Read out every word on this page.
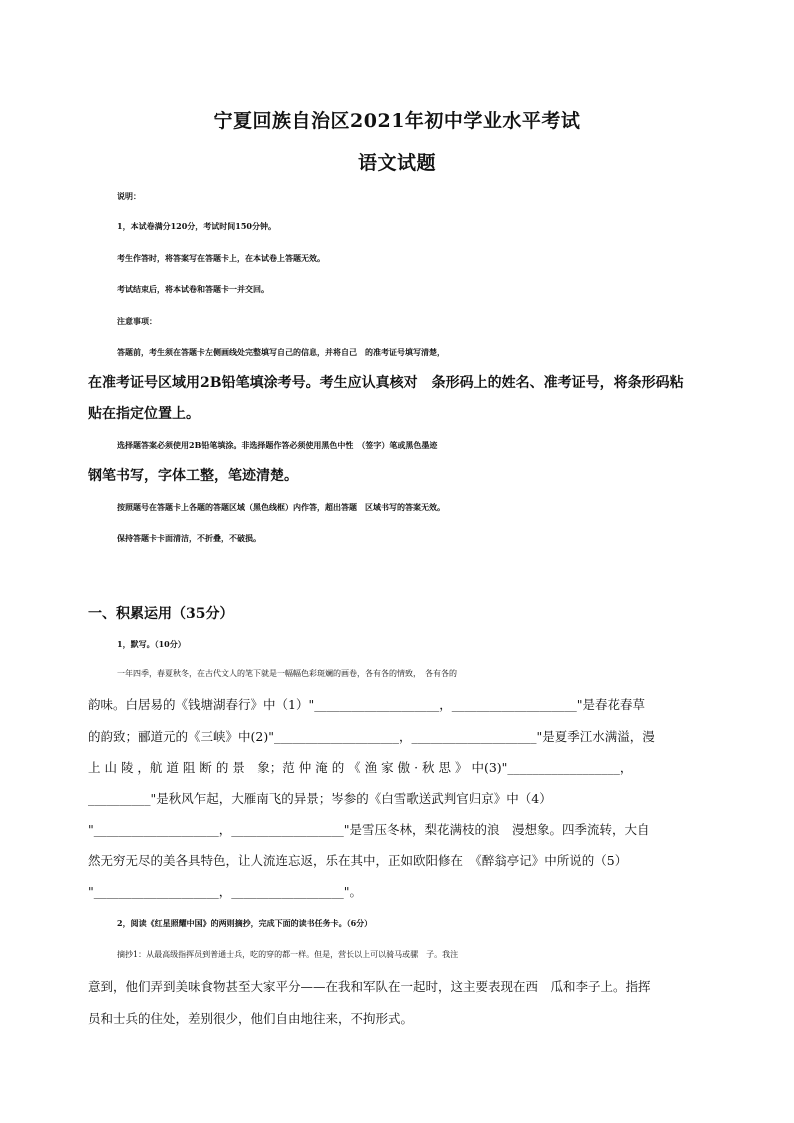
宁夏回族自治区2021年初中学业水平考试
语文试题
说明：
1，本试卷满分120分，考试时间150分钟。
考生作答时，将答案写在答题卡上，在本试卷上答题无效。
考试结束后，将本试卷和答题卡一并交回。
注意事项：
答题前，考生须在答题卡左侧画线处完整填写自己的信息，并将自己　的准考证号填写清楚，
在准考证号区域用2B铅笔填涂考号。考生应认真核对　条形码上的姓名、准考证号，将条形码粘
贴在指定位置上。
选择题答案必须使用2B铅笔填涂。非选择题作答必须使用黑色中性　（签字）笔或黑色墨迹
钢笔书写，字体工整，笔迹清楚。
按照题号在答题卡上各题的答题区域（黑色线框）内作答，超出答题　区域书写的答案无效。
保持答题卡卡面清洁，不折叠，不破损。
一、积累运用（35分）
1，默写。（10分）
一年四季，春夏秋冬，在古代文人的笔下就是一幅幅色彩斑斓的画卷，各有各的情致，　各有各的
韵味。白居易的《钱塘湖春行》中（1）"____________________，____________________"是春花春草
的韵致；郦道元的《三峡》中(2)"____________________，____________________"是夏季江水满溢，漫
上 山 陵 ，航 道 阻 断 的 景　象；范 仲 淹 的 《 渔 家 傲 · 秋 思 》 中(3)"__________________，
__________"是秋风乍起，大雁南飞的异景；岑参的《白雪歌送武判官归京》中（4）
"____________________，__________________"是雪压冬林，梨花满枝的浪　漫想象。四季流转，大自
然无穷无尽的美各具特色，让人流连忘返，乐在其中，正如欧阳修在　《醉翁亭记》中所说的（5）
"____________________，__________________"。
2，阅读《红星照耀中国》的两则摘抄，完成下面的读书任务卡。（6分）
摘抄1：从最高级指挥员到普通士兵，吃的穿的都一样。但是，营长以上可以骑马或骡　子。我注
意到，他们弄到美味食物甚至大家平分——在我和军队在一起时，这主要表现在西　瓜和李子上。指挥
员和士兵的住处，差别很少，他们自由地往来，不拘形式。
